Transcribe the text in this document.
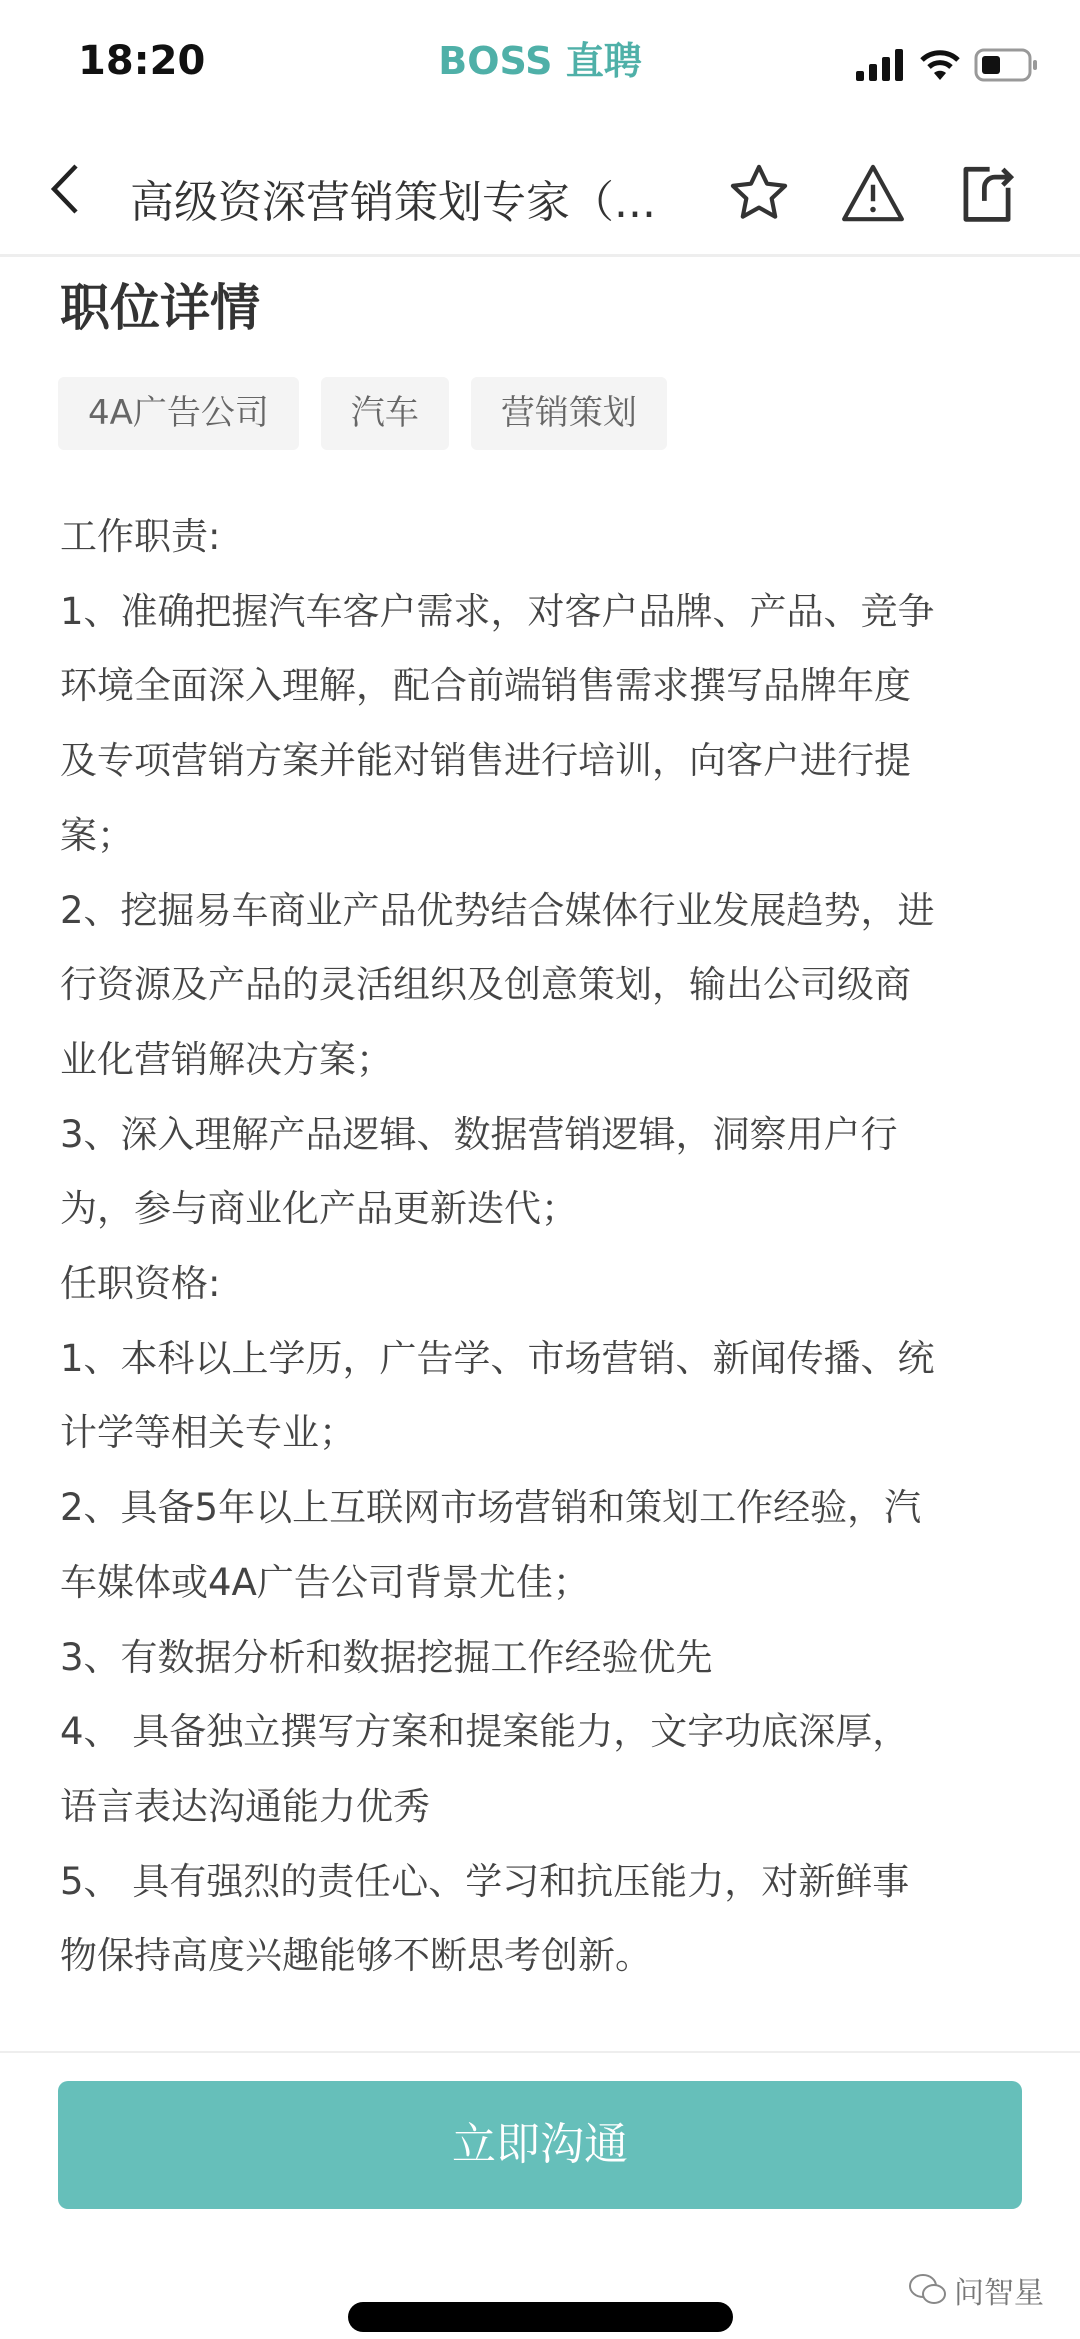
18:20	BOSS 直聘
高级资深营销策划专家（...
职位详情
4A广告公司	汽车	营销策划
工作职责:
1、准确把握汽车客户需求，对客户品牌、产品、竞争
环境全面深入理解，配合前端销售需求撰写品牌年度
及专项营销方案并能对销售进行培训，向客户进行提
案；
2、挖掘易车商业产品优势结合媒体行业发展趋势，进
行资源及产品的灵活组织及创意策划，输出公司级商
业化营销解决方案；
3、深入理解产品逻辑、数据营销逻辑，洞察用户行
为，参与商业化产品更新迭代；
任职资格:
1、本科以上学历，广告学、市场营销、新闻传播、统
计学等相关专业；
2、具备5年以上互联网市场营销和策划工作经验，汽
车媒体或4A广告公司背景尤佳；
3、有数据分析和数据挖掘工作经验优先
4、 具备独立撰写方案和提案能力，文字功底深厚，
语言表达沟通能力优秀
5、 具有强烈的责任心、学习和抗压能力，对新鲜事
物保持高度兴趣能够不断思考创新。
立即沟通
问智星
